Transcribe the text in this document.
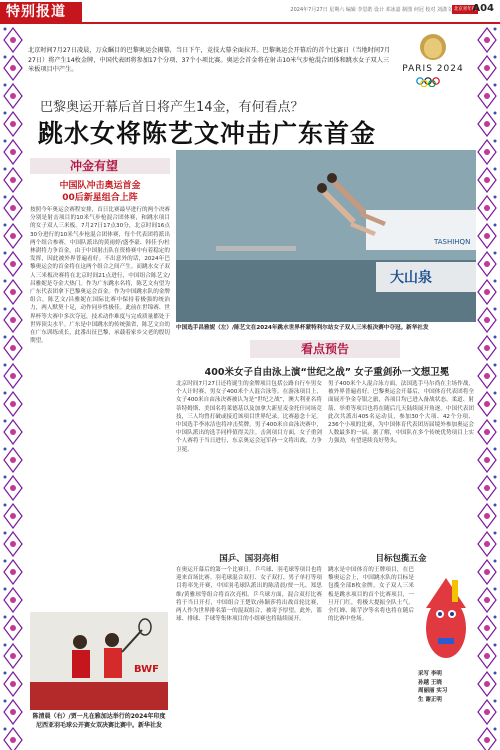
特别报道	2024年7月27日 星期六 编辑 李思皓 设计 邓冰嘉 制图 何冠 校对 刘潇文 北京青年报
A04
北京时间7月27日凌晨，万众瞩目的巴黎奥运会揭幕，当日下午，竞技大幕全面拉开。巴黎奥运会开幕后的首个比赛日（当地时间7月27日）将产生14枚金牌，中国代表团将参加17个分项、37个小项比赛。奥运会首金将在射击10米气步枪混合团体和跳水女子双人三米板项目中产生。	PARIS 2024
巴黎奥运开幕后首日将产生14金，有何看点？
跳水女将陈艺文冲击广东首金
冲金有望
中国队冲击奥运首金
00后新星组合上阵
按照今年奥运会赛程安排，首日比赛最早进行的两个决赛分别是射击项目的10米气步枪混合团体赛，和跳水项目的女子双人三米板。7月27日17点30分，北京时间16点30分进行的10米气步枪混合团体赛，每个代表团将派出两个组合参赛，中国队派出的黄雨婷/盛李豪、韩佳予/杜林澍将力争首金。由于中国射击队在资格赛中有着稳定的发挥，因此被外界普遍看好。不出意外的话，2024年巴黎奥运会的首金将在这两个组合之间产生。而跳水女子双人三米板决赛将在北京时间21点进行，中国组合陈艺文/昌雅妮是夺金大热门。作为广东跳水名将，陈艺文有望为广东代表团拿下巴黎奥运会首金。作为中国跳水队的金牌组合，陈艺文/昌雅妮在国际比赛中保持着极强的统治力，两人默契十足，动作同步性极佳。此前在世锦赛、世界杯等大赛中多次夺冠，技术动作难度与完成质量都处于世界顶尖水平。广东是中国跳水的传统强省，陈艺文自幼在广东训练成长，此番出征巴黎，承载着家乡父老的殷切期望。
大山泉
TASHIHQN
中国选手昌雅妮（左）/陈艺文在2024年跳水世界杯蒙特利尔站女子双人三米板决赛中夺冠。新华社发
看点预告
400米女子自由泳上演“世纪之战” 女子重剑孙一文想卫冕
北京时间7月27日还将诞生的金牌项目包括公路自行车男女个人计时赛、男女子400米个人混合泳等。在游泳项目上，女子400米自由泳决赛被认为是“世纪之战”，澳大利亚名将蒂特姆斯、美国名将莱德基以及加拿大新星麦金托什同场竞技，三人均曾打破或接近该项目世界纪录，比赛悬念十足。中国选手李冰洁也将冲击奖牌。男子400米自由泳决赛中，中国队派出的选手同样值得关注。击剑项目方面，女子重剑个人赛将于当日进行，东京奥运会冠军孙一文将出战，力争卫冕。
男子400米个人混合泳方面，法国选手马尔尚在主场作战，被外界普遍看好。巴黎奥运会开幕后，中国体育代表团将全面展开争金夺银之旅，各项目均已进入备战状态。柔道、射箭、举重等项目也将在随后几天陆续展开角逐。中国代表团此次共派出405名运动员，参加30个大项、42个分项、236个小项的比赛，为中国体育代表团历届境外参加奥运会人数最多的一届。据了解，中国队在多个传统优势项目上实力强劲，有望延续良好势头。
BWF
陈清晨（右）/贾一凡在雅加达举行的2024年印度尼西亚羽毛球公开赛女双决赛比赛中。新华社发
国乒、国羽亮相	目标包揽五金
在奥运开幕后的第一个比赛日，乒乓球、羽毛球等项目也将迎来首场比赛。羽毛球混合双打、女子双打、男子单打等项目将率先开赛，中国羽毛球队派出的陈清晨/贾一凡、郑思维/黄雅琼等组合将首次亮相。乒乓球方面，混合双打比赛将于当日开打，中国组合王楚钦/孙颖莎将出战首轮比赛，两人作为世界排名第一的混双组合，被寄予厚望。此外，篮球、排球、手球等集体项目的小组赛也将陆续展开。
跳水是中国体育的王牌项目，在巴黎奥运会上，中国跳水队的目标是包揽全部8枚金牌。女子双人三米板是跳水项目的首个比赛项目，一旦开门红，将极大提振全队士气。全红婵、陈芋汐等名将也将在随后的比赛中登场。
采写 李明
孙越 王晓
周丽丽 实习
生 谢正明
